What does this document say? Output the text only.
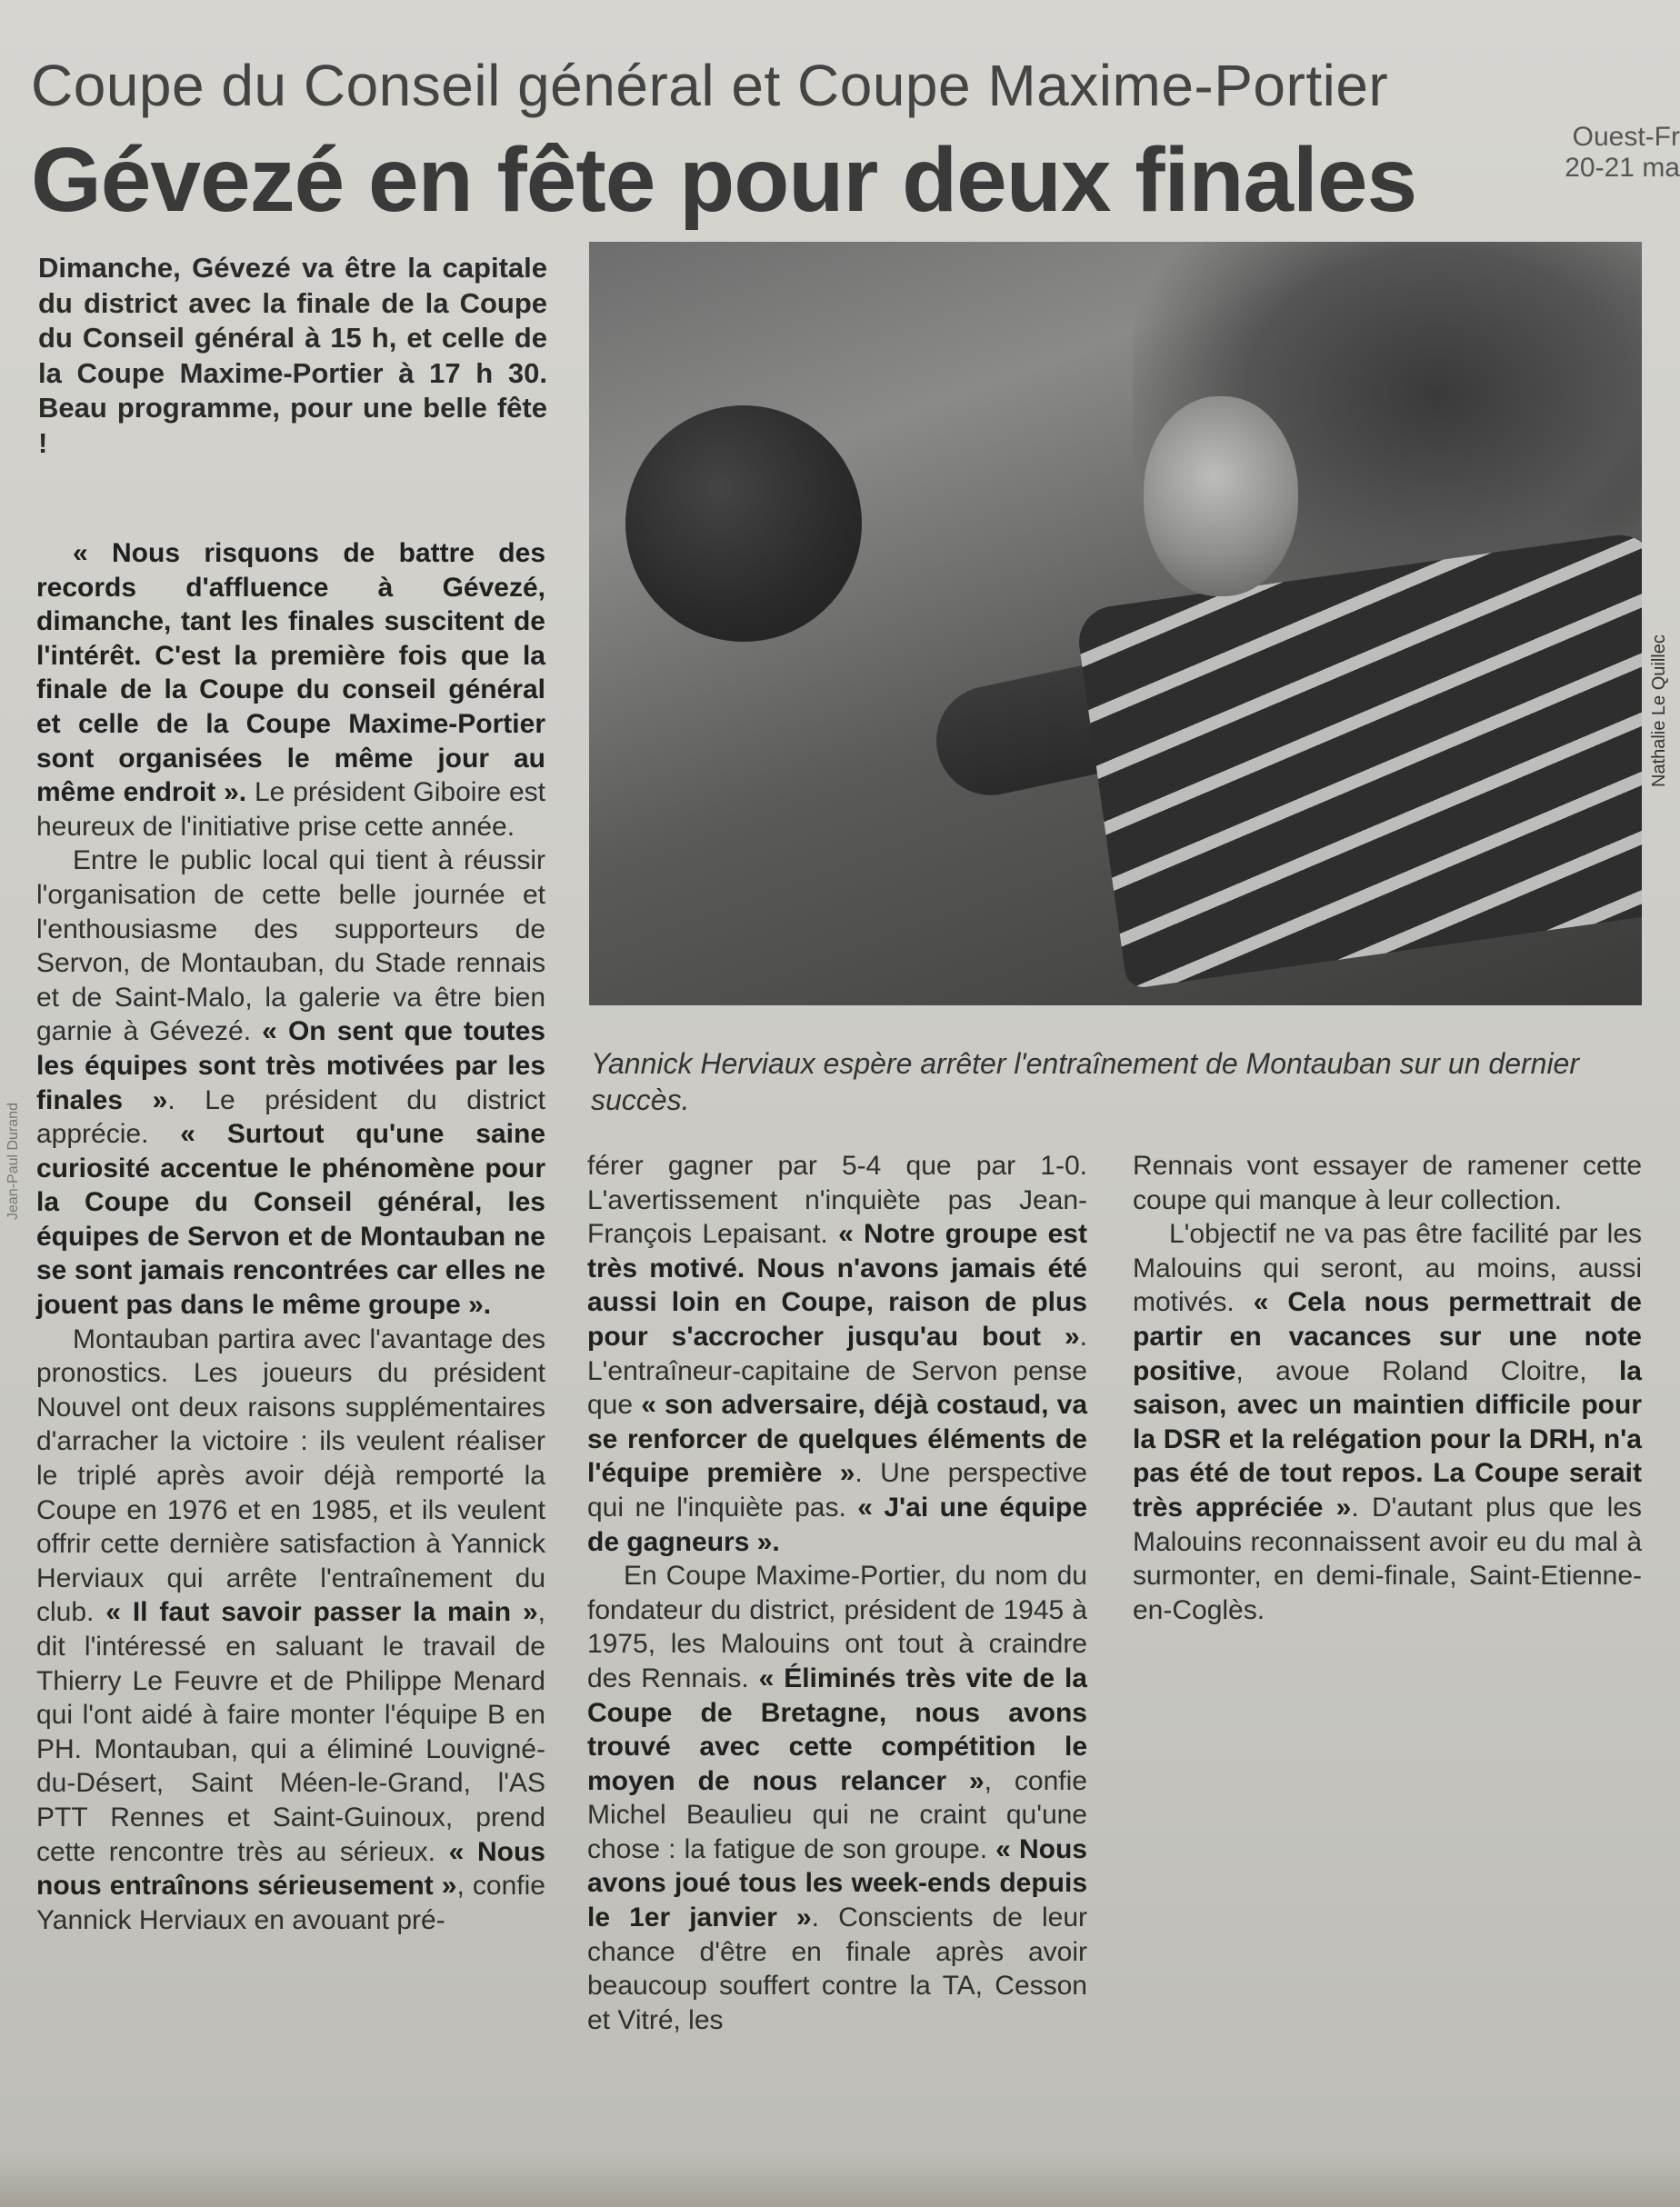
Coupe du Conseil général et Coupe Maxime-Portier
Gévezé en fête pour deux finales	Ouest-Fr
20-21 ma
Dimanche, Gévezé va être la capitale du district avec la finale de la Coupe du Conseil général à 15 h, et celle de la Coupe Maxime-Portier à 17 h 30. Beau programme, pour une belle fête !
Nathalie Le Quillec
Yannick Herviaux espère arrêter l'entraînement de Montauban sur un dernier succès.
Jean-Paul Durand

« Nous risquons de battre des records d'affluence à Gévezé, dimanche, tant les finales suscitent de l'intérêt. C'est la première fois que la finale de la Coupe du conseil général et celle de la Coupe Maxime-Portier sont organisées le même jour au même endroit ». Le président Giboire est heureux de l'initiative prise cette année.

Entre le public local qui tient à réussir l'organisation de cette belle journée et l'enthousiasme des supporteurs de Servon, de Montauban, du Stade rennais et de Saint-Malo, la galerie va être bien garnie à Gévezé. « On sent que toutes les équipes sont très motivées par les finales ». Le président du district apprécie. « Surtout qu'une saine curiosité accentue le phénomène pour la Coupe du Conseil général, les équipes de Servon et de Montauban ne se sont jamais rencontrées car elles ne jouent pas dans le même groupe ».

Montauban partira avec l'avantage des pronostics. Les joueurs du président Nouvel ont deux raisons supplémentaires d'arracher la victoire : ils veulent réaliser le triplé après avoir déjà remporté la Coupe en 1976 et en 1985, et ils veulent offrir cette dernière satisfaction à Yannick Herviaux qui arrête l'entraînement du club. « Il faut savoir passer la main », dit l'intéressé en saluant le travail de Thierry Le Feuvre et de Philippe Menard qui l'ont aidé à faire monter l'équipe B en PH. Montauban, qui a éliminé Louvigné-du-Désert, Saint Méen-le-Grand, l'AS PTT Rennes et Saint-Guinoux, prend cette rencontre très au sérieux. « Nous nous entraînons sérieusement », confie Yannick Herviaux en avouant pré-

férer gagner par 5-4 que par 1-0. L'avertissement n'inquiète pas Jean-François Lepaisant. « Notre groupe est très motivé. Nous n'avons jamais été aussi loin en Coupe, raison de plus pour s'accrocher jusqu'au bout ». L'entraîneur-capitaine de Servon pense que « son adversaire, déjà costaud, va se renforcer de quelques éléments de l'équipe première ». Une perspective qui ne l'inquiète pas. « J'ai une équipe de gagneurs ».

En Coupe Maxime-Portier, du nom du fondateur du district, président de 1945 à 1975, les Malouins ont tout à craindre des Rennais. « Éliminés très vite de la Coupe de Bretagne, nous avons trouvé avec cette compétition le moyen de nous relancer », confie Michel Beaulieu qui ne craint qu'une chose : la fatigue de son groupe. « Nous avons joué tous les week-ends depuis le 1er janvier ». Conscients de leur chance d'être en finale après avoir beaucoup souffert contre la TA, Cesson et Vitré, les

Rennais vont essayer de ramener cette coupe qui manque à leur collection.

L'objectif ne va pas être facilité par les Malouins qui seront, au moins, aussi motivés. « Cela nous permettrait de partir en vacances sur une note positive, avoue Roland Cloitre, la saison, avec un maintien difficile pour la DSR et la relégation pour la DRH, n'a pas été de tout repos. La Coupe serait très appréciée ». D'autant plus que les Malouins reconnaissent avoir eu du mal à surmonter, en demi-finale, Saint-Etienne-en-Coglès.
